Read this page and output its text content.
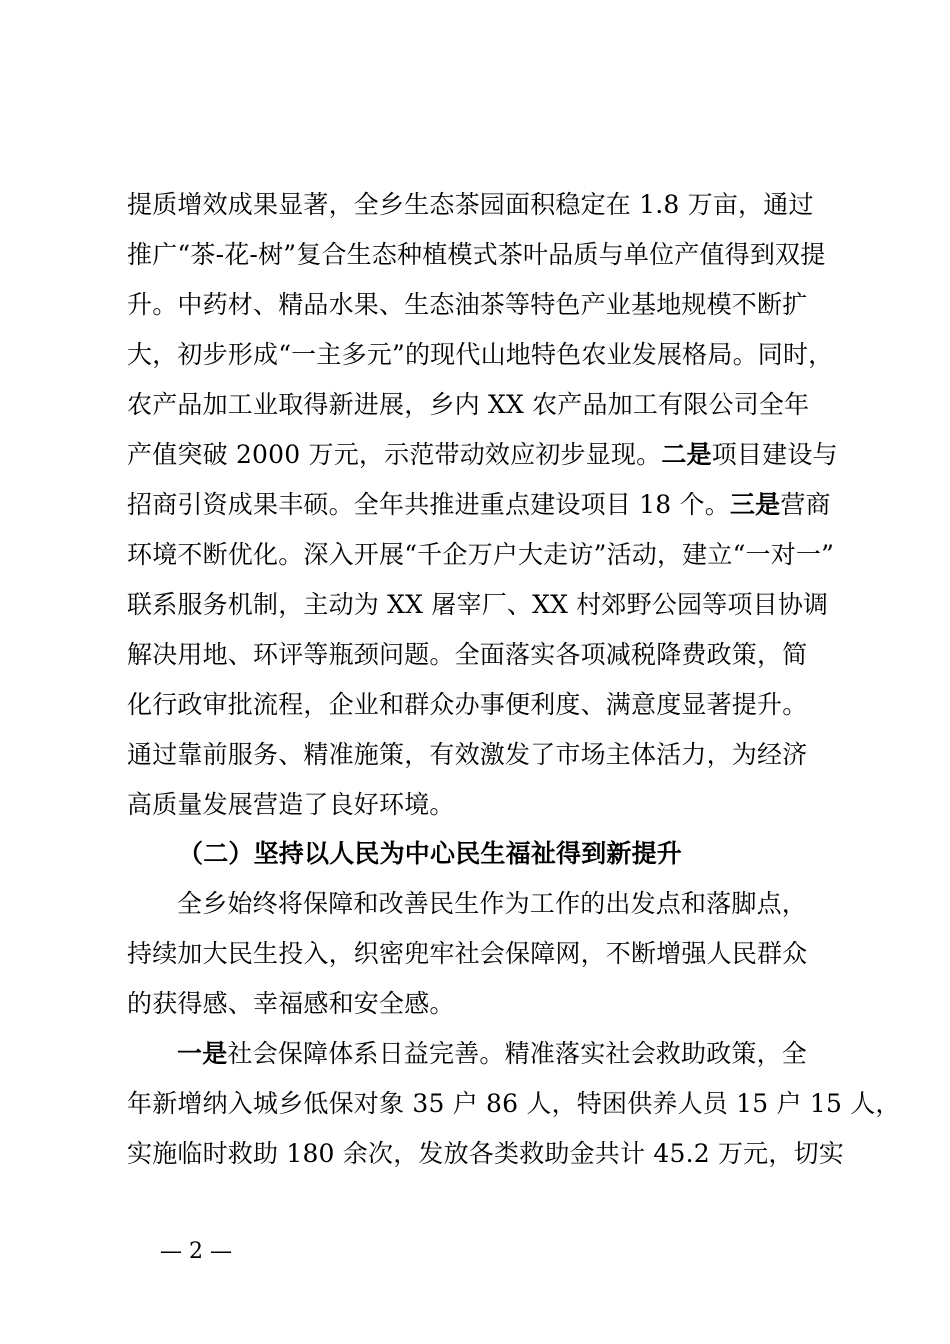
提质增效成果显著，全乡生态茶园面积稳定在 1.8 万亩，通过
推广“茶-花-树”复合生态种植模式茶叶品质与单位产值得到双提
升。中药材、精品水果、生态油茶等特色产业基地规模不断扩
大，初步形成“一主多元”的现代山地特色农业发展格局。同时，
农产品加工业取得新进展，乡内 XX 农产品加工有限公司全年
产值突破 2000 万元，示范带动效应初步显现。二是项目建设与
招商引资成果丰硕。全年共推进重点建设项目 18 个。三是营商
环境不断优化。深入开展“千企万户大走访”活动，建立“一对一”
联系服务机制，主动为 XX 屠宰厂、XX 村郊野公园等项目协调
解决用地、环评等瓶颈问题。全面落实各项减税降费政策，简
化行政审批流程，企业和群众办事便利度、满意度显著提升。
通过靠前服务、精准施策，有效激发了市场主体活力，为经济
高质量发展营造了良好环境。
（二）坚持以人民为中心民生福祉得到新提升
全乡始终将保障和改善民生作为工作的出发点和落脚点，
持续加大民生投入，织密兜牢社会保障网，不断增强人民群众
的获得感、幸福感和安全感。
一是社会保障体系日益完善。精准落实社会救助政策，全
年新增纳入城乡低保对象 35 户 86 人，特困供养人员 15 户 15 人，
实施临时救助 180 余次，发放各类救助金共计 45.2 万元，切实
— 2 —
